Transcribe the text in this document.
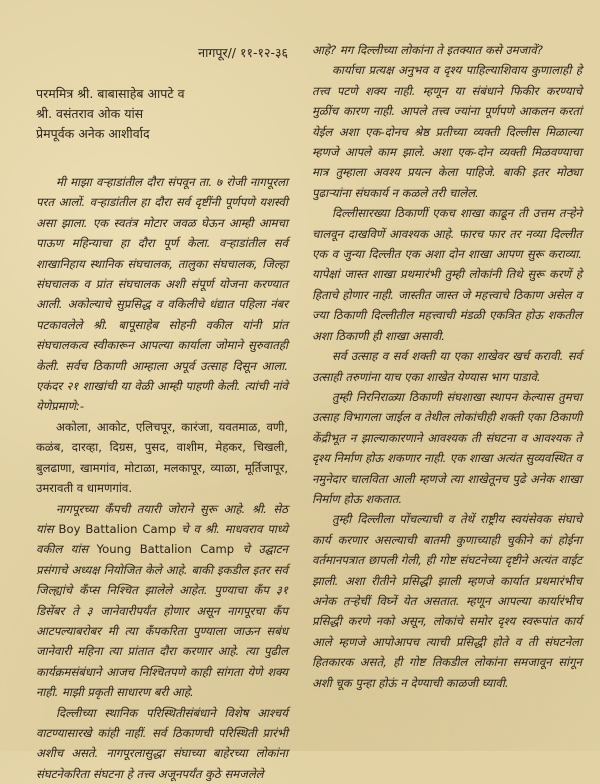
नागपूर// ११-१२-३६
परममित्र श्री. बाबासाहेब आपटे व
श्री. वसंतराव ओक यांस
प्रेमपूर्वक अनेक आशीर्वाद

मी माझा वऱ्हाडांतील दौरा संपवून ता. ७ रोजी नागपूरला परत आलों. वऱ्हाडांतील हा दौरा सर्व दृष्टींनी पूर्णपणे यशस्वी असा झाला. एक स्वतंत्र मोटार जवळ घेऊन आम्ही आमचा पाऊण महिन्याचा हा दौरा पूर्ण केला. वऱ्हाडांतील सर्व शाखानिहाय स्थानिक संघचालक, तालुका संघचालक, जिल्हा संघचालक व प्रांत संघचालक अशी संपूर्ण योजना करण्यात आली. अकोल्याचे सुप्रसिद्ध व वकिलीचे धंद्यात पहिला नंबर पटकावलेले श्री. बापूसाहेब सोहनी वकील यांनी प्रांत संघचालकत्व स्वीकारून आपल्या कार्याला जोमाने सुरुवातही केली. सर्वच ठिकाणी आम्हाला अपूर्व उत्साह दिसून आला. एकंदर २१ शाखांची या वेळी आम्ही पाहणी केली. त्यांची नांवे येणेप्रमाणे:-

अकोला, आकोट, एलिचपूर, कारंजा, यवतमाळ, वणी, कळंब, दारव्हा, दिग्रस, पुसद, वाशीम, मेहकर, चिखली, बुलढाणा, खामगांव, मोटाळा, मलकापूर, व्याळा, मूर्तिजापूर, उमरावती व धामणगांव.

नागपूरच्या कँपची तयारी जोराने सुरू आहे. श्री. सेठ यांस Boy Battalion Camp चे व श्री. माधवराव पाध्ये वकील यांस Young Battalion Camp चे उद्घाटन प्रसंगाचे अध्यक्ष नियोजित केले आहे. बाकी इकडील इतर सर्व जिल्ह्यांचे कँप्स निश्चित झालेले आहेत. पुण्याचा कँप ३१ डिसेंबर ते ३ जानेवारीपर्यंत होणार असून नागपूरचा कँप आटपल्याबरोबर मी त्या कँपकरिता पुण्याला जाऊन सबंध जानेवारी महिना त्या प्रांतात दौरा करणार आहे. त्या पुढील कार्यक्रमसंबंधाने आजच निश्चितपणे काही सांगता येणे शक्य नाही. माझी प्रकृती साधारण बरी आहे.

दिल्लीच्या स्थानिक परिस्थितीसंबंधाने विशेष आश्चर्य वाटण्यासारखे कांही नाहीं. सर्व ठिकाणची परिस्थिती प्रारंभी अशीच असते. नागपूरलासुद्धा संघाच्या बाहेरच्या लोकांना संघटनेकरिता संघटना हे तत्त्व अजूनपर्यंत कुठे समजलेले

आहे? मग दिल्लीच्या लोकांना ते इतक्यात कसे उमजावें?

कार्याचा प्रत्यक्ष अनुभव व दृश्य पाहिल्याशिवाय कुणालाही हे तत्त्व पटणे शक्य नाही. म्हणून या संबंधाने फिकीर करण्याचे मुळींच कारण नाही. आपले तत्त्व ज्यांना पूर्णपणे आकलन करतां येईल अशा एक-दोनच श्रेष्ठ प्रतीच्या व्यक्ती दिल्लीस मिळाल्या म्हणजे आपले काम झाले. अशा एक-दोन व्यक्ती मिळवण्याचा मात्र तुम्हाला अवश्य प्रयत्न केला पाहिजे. बाकी इतर मोठ्या पुढाऱ्यांना संघकार्य न कळले तरी चालेल.

दिल्लीसारख्या ठिकाणीं एकच शाखा काढून ती उत्तम तऱ्हेने चालवून दाखविणें आवश्यक आहे. फारच फार तर नव्या दिल्लीत एक व जुन्या दिल्लीत एक अशा दोन शाखा आपण सुरू कराव्या. यापेक्षां जास्त शाखा प्रथमारंभी तुम्ही लोकांनी तिथे सुरू करणें हे हिताचे होणार नाही. जास्तीत जास्त जे महत्त्वाचे ठिकाण असेल व ज्या ठिकाणी दिल्लीतील महत्त्वाची मंडळी एकत्रित होऊ शकतील अशा ठिकाणी ही शाखा असावी.

सर्व उत्साह व सर्व शक्ती या एका शाखेवर खर्च करावी. सर्व उत्साही तरुणांना याच एका शाखेत येण्यास भाग पाडावे.

तुम्ही निरनिराळ्या ठिकाणी संघशाखा स्थापन केल्यास तुमचा उत्साह विभागला जाईल व तेथील लोकांचीही शक्ती एका ठिकाणी केंद्रीभूत न झाल्याकारणाने आवश्यक ती संघटना व आवश्यक ते दृश्य निर्माण होऊ शकणार नाही. एक शाखा अत्यंत सुव्यवस्थित व नमुनेदार चालविता आली म्हणजे त्या शाखेतूनच पुढे अनेक शाखा निर्माण होऊ शकतात.

तुम्ही दिल्लीला पोंचल्याची व तेथें राष्ट्रीय स्वयंसेवक संघाचे कार्य करणार असल्याची बातमी कुणाच्याही चुकीने कां होईना वर्तमानपत्रात छापली गेली, ही गोष्ट संघटनेच्या दृष्टीने अत्यंत वाईट झाली. अशा रीतीने प्रसिद्धी झाली म्हणजे कार्यात प्रथमारंभीच अनेक तऱ्हेचीं विघ्नें येत असतात. म्हणून आपल्या कार्यारंभीच प्रसिद्धी करणे नको असून, लोकांचे समोर दृश्य स्वरूपांत कार्य आले म्हणजे आपोआपच त्याची प्रसिद्धी होते व ती संघटनेला हितकारक असते, ही गोष्ट तिकडील लोकांना समजावून सांगून अशी चूक पुन्हा होऊं न देण्याची काळजी घ्यावी.
